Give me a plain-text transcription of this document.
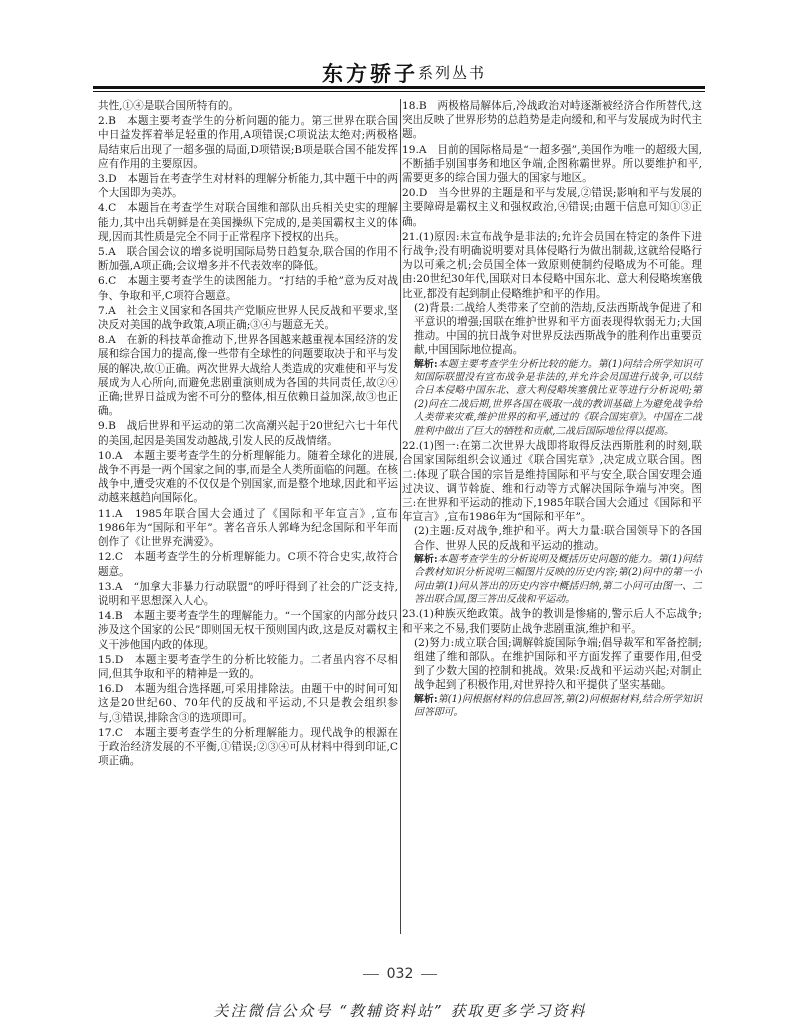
东方骄子 系列丛书
共性,①④是联合国所特有的。
2.B　本题主要考查学生的分析问题的能力。第三世界在联合国中日益发挥着举足轻重的作用,A项错误;C项说法太绝对;两极格局结束后出现了一超多强的局面,D项错误;B项是联合国不能发挥应有作用的主要原因。
3.D　本题旨在考查学生对材料的理解分析能力,其中题干中的两个大国即为美苏。
4.C　本题旨在考查学生对联合国维和部队出兵相关史实的理解能力,其中出兵朝鲜是在美国操纵下完成的,是美国霸权主义的体现,因而其性质是完全不同于正常程序下授权的出兵。
5.A　联合国会议的增多说明国际局势日趋复杂,联合国的作用不断加强,A项正确;会议增多并不代表效率的降低。
6.C　本题主要考查学生的读图能力。“打结的手枪”意为反对战争、争取和平,C项符合题意。
7.A　社会主义国家和各国共产党顺应世界人民反战和平要求,坚决反对美国的战争政策,A项正确;③④与题意无关。
8.A　在新的科技革命推动下,世界各国越来越重视本国经济的发展和综合国力的提高,像一些带有全球性的问题要取决于和平与发展的解决,故①正确。两次世界大战给人类造成的灾难使和平与发展成为人心所向,而避免悲剧重演则成为各国的共同责任,故②④正确;世界日益成为密不可分的整体,相互依赖日益加深,故③也正确。
9.B　战后世界和平运动的第二次高潮兴起于20世纪六七十年代的美国,起因是美国发动越战,引发人民的反战情绪。
10.A　本题主要考查学生的分析理解能力。随着全球化的进展,战争不再是一两个国家之间的事,而是全人类所面临的问题。在核战争中,遭受灾难的不仅仅是个别国家,而是整个地球,因此和平运动越来越趋向国际化。
11.A　1985年联合国大会通过了《国际和平年宣言》,宣布1986年为“国际和平年”。著名音乐人郭峰为纪念国际和平年而创作了《让世界充满爱》。
12.C　本题考查学生的分析理解能力。C项不符合史实,故符合题意。
13.A　“加拿大非暴力行动联盟”的呼吁得到了社会的广泛支持,说明和平思想深入人心。
14.B　本题主要考查学生的理解能力。“一个国家的内部分歧只涉及这个国家的公民”即则国无权干预则国内政,这是反对霸权主义干涉他国内政的体现。
15.D　本题主要考查学生的分析比较能力。二者虽内容不尽相同,但其争取和平的精神是一致的。
16.D　本题为组合选择题,可采用排除法。由题干中的时间可知这是20世纪60、70年代的反战和平运动,不只是教会组织参与,③错误,排除含③的选项即可。
17.C　本题主要考查学生的分析理解能力。现代战争的根源在于政治经济发展的不平衡,①错误;②③④可从材料中得到印证,C项正确。
18.B　两极格局解体后,冷战政治对峙逐渐被经济合作所替代,这突出反映了世界形势的总趋势是走向缓和,和平与发展成为时代主题。
19.A　目前的国际格局是“一超多强”,美国作为唯一的超级大国,不断插手别国事务和地区争端,企图称霸世界。所以要维护和平,需要更多的综合国力强大的国家与地区。
20.D　当今世界的主题是和平与发展,②错误;影响和平与发展的主要障碍是霸权主义和强权政治,④错误;由题干信息可知①③正确。
21.(1)原因:未宣布战争是非法的;允许会员国在特定的条件下进行战争;没有明确说明要对具体侵略行为做出制裁,这就给侵略行为以可乘之机;会员国全体一致原则使制约侵略成为不可能。理由:20世纪30年代,国联对日本侵略中国东北、意大利侵略埃塞俄比亚,都没有起到制止侵略维护和平的作用。
(2)背景:二战给人类带来了空前的浩劫,反法西斯战争促进了和平意识的增强;国联在维护世界和平方面表现得软弱无力;大国推动。中国的抗日战争对世界反法西斯战争的胜利作出重要贡献,中国国际地位提高。
解析:本题主要考查学生分析比较的能力。第(1)问结合所学知识可知国际联盟没有宣布战争是非法的,并允许会员国进行战争,可以结合日本侵略中国东北、意大利侵略埃塞俄比亚等进行分析说明;第(2)问在二战后期,世界各国在吸取一战的教训基础上为避免战争给人类带来灾难,维护世界的和平,通过的《联合国宪章》。中国在二战胜利中做出了巨大的牺牲和贡献,二战后国际地位得以提高。
22.(1)图一:在第二次世界大战即将取得反法西斯胜利的时刻,联合国家国际组织会议通过《联合国宪章》,决定成立联合国。图二:体现了联合国的宗旨是维持国际和平与安全,联合国安理会通过决议、调节斡旋、维和行动等方式解决国际争端与冲突。图三:在世界和平运动的推动下,1985年联合国大会通过《国际和平年宣言》,宣布1986年为“国际和平年”。
(2)主题:反对战争,维护和平。两大力量:联合国领导下的各国合作、世界人民的反战和平运动的推动。
解析:本题考查学生的分析说明及概括历史问题的能力。第(1)问结合教材知识分析说明三幅图片反映的历史内容;第(2)问中的第一小问由第(1)问从答出的历史内容中概括归纳,第二小问可由图一、二答出联合国,图三答出反战和平运动。
23.(1)种族灭绝政策。战争的教训是惨痛的,警示后人不忘战争;和平来之不易,我们要防止战争悲剧重演,维护和平。
(2)努力:成立联合国;调解斡旋国际争端;倡导裁军和军备控制;组建了维和部队。在维护国际和平方面发挥了重要作用,但受到了少数大国的控制和挑战。效果:反战和平运动兴起;对制止战争起到了积极作用,对世界持久和平提供了坚实基础。
解析:第(1)问根据材料的信息回答,第(2)问根据材料,结合所学知识回答即可。
032
关注微信公众号 “教辅资料站” 获取更多学习资料
